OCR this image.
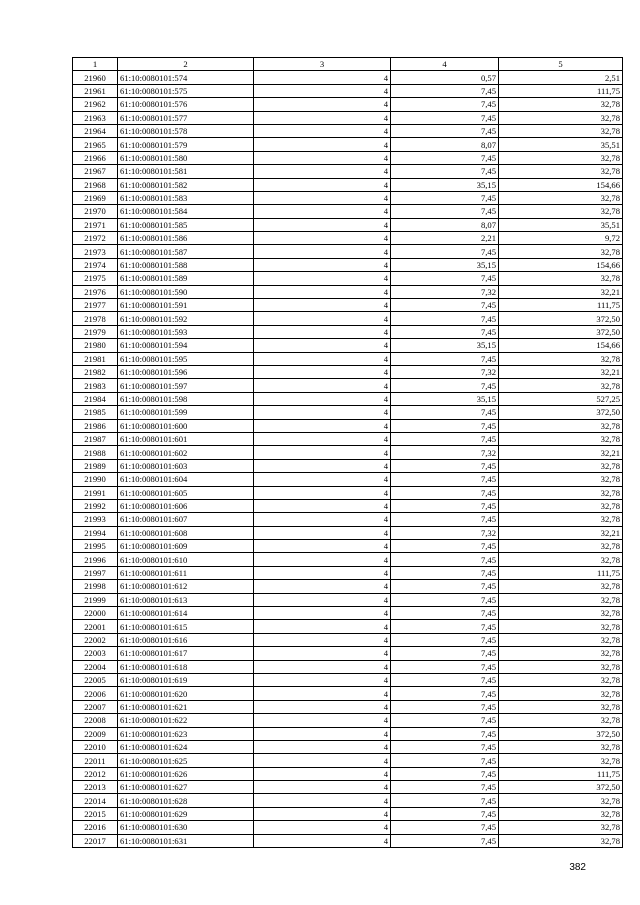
1	2	3	4	5
21960	61:10:0080101:574	4	0,57	2,51
21961	61:10:0080101:575	4	7,45	111,75
21962	61:10:0080101:576	4	7,45	32,78
21963	61:10:0080101:577	4	7,45	32,78
21964	61:10:0080101:578	4	7,45	32,78
21965	61:10:0080101:579	4	8,07	35,51
21966	61:10:0080101:580	4	7,45	32,78
21967	61:10:0080101:581	4	7,45	32,78
21968	61:10:0080101:582	4	35,15	154,66
21969	61:10:0080101:583	4	7,45	32,78
21970	61:10:0080101:584	4	7,45	32,78
21971	61:10:0080101:585	4	8,07	35,51
21972	61:10:0080101:586	4	2,21	9,72
21973	61:10:0080101:587	4	7,45	32,78
21974	61:10:0080101:588	4	35,15	154,66
21975	61:10:0080101:589	4	7,45	32,78
21976	61:10:0080101:590	4	7,32	32,21
21977	61:10:0080101:591	4	7,45	111,75
21978	61:10:0080101:592	4	7,45	372,50
21979	61:10:0080101:593	4	7,45	372,50
21980	61:10:0080101:594	4	35,15	154,66
21981	61:10:0080101:595	4	7,45	32,78
21982	61:10:0080101:596	4	7,32	32,21
21983	61:10:0080101:597	4	7,45	32,78
21984	61:10:0080101:598	4	35,15	527,25
21985	61:10:0080101:599	4	7,45	372,50
21986	61:10:0080101:600	4	7,45	32,78
21987	61:10:0080101:601	4	7,45	32,78
21988	61:10:0080101:602	4	7,32	32,21
21989	61:10:0080101:603	4	7,45	32,78
21990	61:10:0080101:604	4	7,45	32,78
21991	61:10:0080101:605	4	7,45	32,78
21992	61:10:0080101:606	4	7,45	32,78
21993	61:10:0080101:607	4	7,45	32,78
21994	61:10:0080101:608	4	7,32	32,21
21995	61:10:0080101:609	4	7,45	32,78
21996	61:10:0080101:610	4	7,45	32,78
21997	61:10:0080101:611	4	7,45	111,75
21998	61:10:0080101:612	4	7,45	32,78
21999	61:10:0080101:613	4	7,45	32,78
22000	61:10:0080101:614	4	7,45	32,78
22001	61:10:0080101:615	4	7,45	32,78
22002	61:10:0080101:616	4	7,45	32,78
22003	61:10:0080101:617	4	7,45	32,78
22004	61:10:0080101:618	4	7,45	32,78
22005	61:10:0080101:619	4	7,45	32,78
22006	61:10:0080101:620	4	7,45	32,78
22007	61:10:0080101:621	4	7,45	32,78
22008	61:10:0080101:622	4	7,45	32,78
22009	61:10:0080101:623	4	7,45	372,50
22010	61:10:0080101:624	4	7,45	32,78
22011	61:10:0080101:625	4	7,45	32,78
22012	61:10:0080101:626	4	7,45	111,75
22013	61:10:0080101:627	4	7,45	372,50
22014	61:10:0080101:628	4	7,45	32,78
22015	61:10:0080101:629	4	7,45	32,78
22016	61:10:0080101:630	4	7,45	32,78
22017	61:10:0080101:631	4	7,45	32,78
382
